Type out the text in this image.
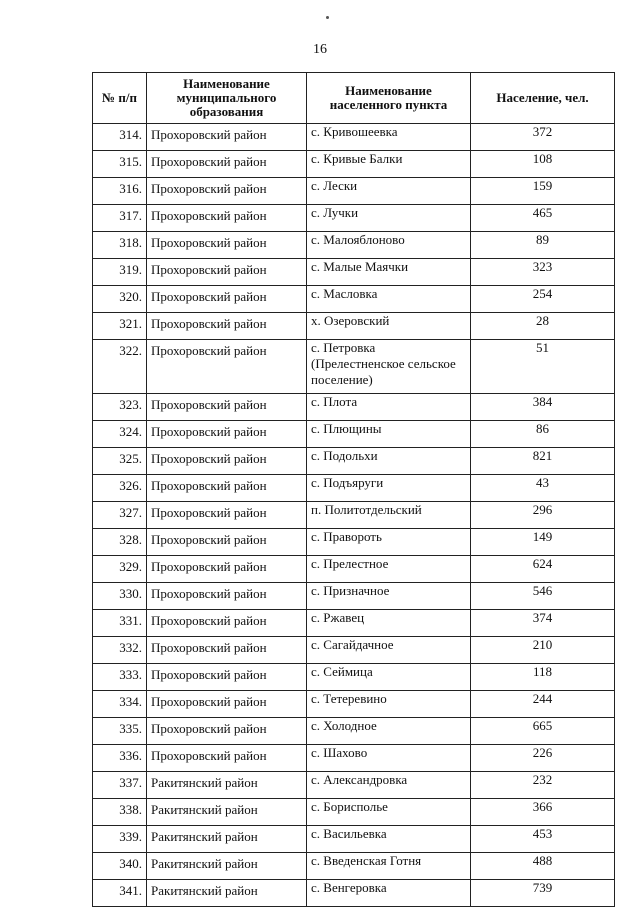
16
№ п/п	Наименование муниципального образования	Наименование населенного пункта	Население, чел.
314.	Прохоровский район	с. Кривошеевка	372
315.	Прохоровский район	с. Кривые Балки	108
316.	Прохоровский район	с. Лески	159
317.	Прохоровский район	с. Лучки	465
318.	Прохоровский район	с. Малояблоново	89
319.	Прохоровский район	с. Малые Маячки	323
320.	Прохоровский район	с. Масловка	254
321.	Прохоровский район	х. Озеровский	28
322.	Прохоровский район	с. Петровка (Прелестненское сельское поселение)	51
323.	Прохоровский район	с. Плота	384
324.	Прохоровский район	с. Плющины	86
325.	Прохоровский район	с. Подольхи	821
326.	Прохоровский район	с. Подъяруги	43
327.	Прохоровский район	п. Политотдельский	296
328.	Прохоровский район	с. Правороть	149
329.	Прохоровский район	с. Прелестное	624
330.	Прохоровский район	с. Призначное	546
331.	Прохоровский район	с. Ржавец	374
332.	Прохоровский район	с. Сагайдачное	210
333.	Прохоровский район	с. Сеймица	118
334.	Прохоровский район	с. Тетеревино	244
335.	Прохоровский район	с. Холодное	665
336.	Прохоровский район	с. Шахово	226
337.	Ракитянский район	с. Александровка	232
338.	Ракитянский район	с. Борисполье	366
339.	Ракитянский район	с. Васильевка	453
340.	Ракитянский район	с. Введенская Готня	488
341.	Ракитянский район	с. Венгеровка	739
